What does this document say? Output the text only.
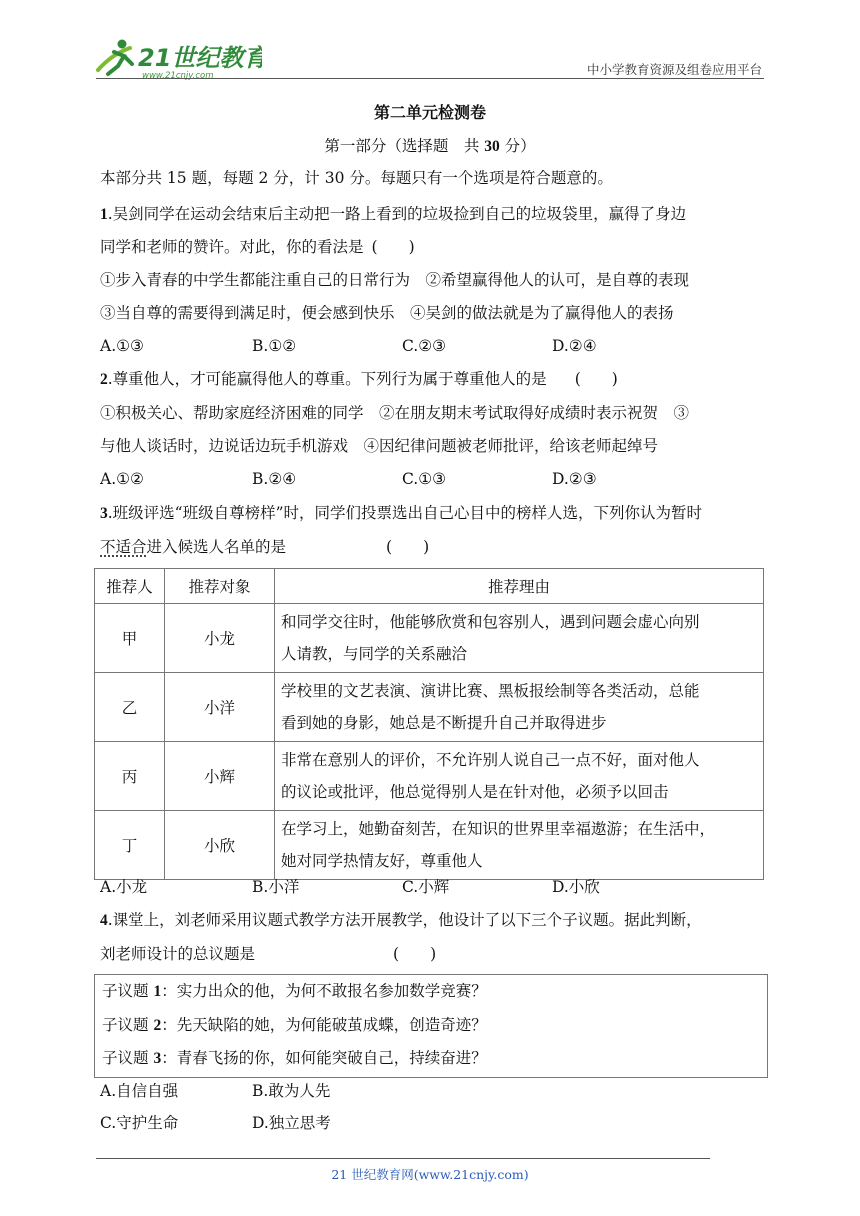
21世纪教育
www.21cnjy.com	中小学教育资源及组卷应用平台
第二单元检测卷
第一部分（选择题　共 30 分）
本部分共 15 题，每题 2 分，计 30 分。每题只有一个选项是符合题意的。
1.吴剑同学在运动会结束后主动把一路上看到的垃圾捡到自己的垃圾袋里，赢得了身边
同学和老师的赞许。对此，你的看法是 (　　)
①步入青春的中学生都能注重自己的日常行为　②希望赢得他人的认可，是自尊的表现
③当自尊的需要得到满足时，便会感到快乐　④吴剑的做法就是为了赢得他人的表扬
A.①③	B.①②	C.②③	D.②④
2.尊重他人，才可能赢得他人的尊重。下列行为属于尊重他人的是 (　　)
①积极关心、帮助家庭经济困难的同学　②在朋友期末考试取得好成绩时表示祝贺　③
与他人谈话时，边说话边玩手机游戏　④因纪律问题被老师批评，给该老师起绰号
A.①②	B.②④	C.①③	D.②③
3.班级评选“班级自尊榜样”时，同学们投票选出自己心目中的榜样人选，下列你认为暂时
不适合进入候选人名单的是	(　　)
推荐人	推荐对象	推荐理由
甲	小龙	和同学交往时，他能够欣赏和包容别人，遇到问题会虚心向别
人请教，与同学的关系融洽

乙	小洋	学校里的文艺表演、演讲比赛、黑板报绘制等各类活动，总能
看到她的身影，她总是不断提升自己并取得进步

丙	小辉	非常在意别人的评价，不允许别人说自己一点不好，面对他人
的议论或批评，他总觉得别人是在针对他，必须予以回击

丁	小欣	在学习上，她勤奋刻苦，在知识的世界里幸福遨游；在生活中，
她对同学热情友好，尊重他人
A.小龙	B.小洋	C.小辉	D.小欣
4.课堂上，刘老师采用议题式教学方法开展教学，他设计了以下三个子议题。据此判断，
刘老师设计的总议题是	(　　)
子议题 1：实力出众的他，为何不敢报名参加数学竞赛？
子议题 2：先天缺陷的她，为何能破茧成蝶，创造奇迹？
子议题 3：青春飞扬的你，如何能突破自己，持续奋进？
A.自信自强	B.敢为人先
C.守护生命	D.独立思考
21 世纪教育网(www.21cnjy.com)
